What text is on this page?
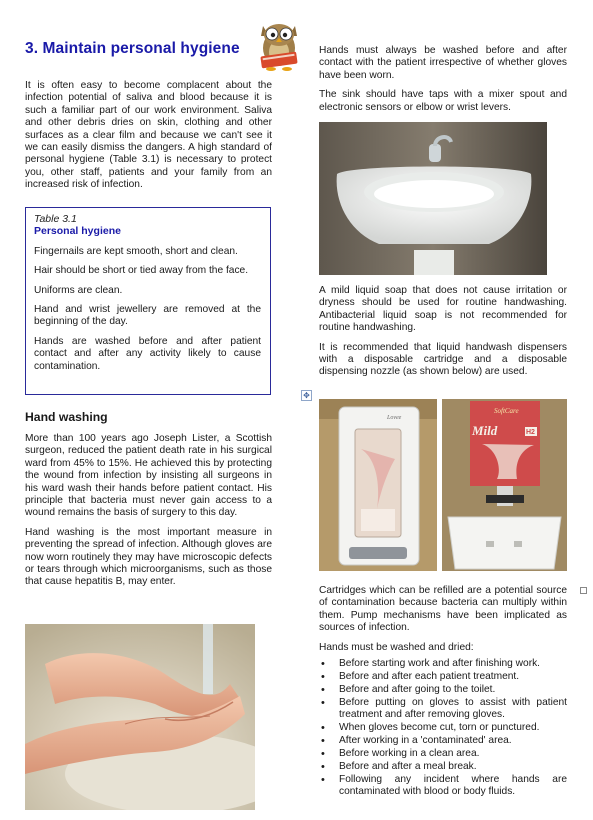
3. Maintain personal hygiene

It is often easy to become complacent about the infection potential of saliva and blood because it is such a familiar part of our work environment. Saliva and other debris dries on skin, clothing and other surfaces as a clear film and because we can't see it we can easily dismiss the dangers. A high standard of personal hygiene (Table 3.1) is necessary to protect you, other staff, patients and your family from an increased risk of infection.

Table 3.1
Personal hygiene

Fingernails are kept smooth, short and clean.

Hair should be short or tied away from the face.

Uniforms are clean.

Hand and wrist jewellery are removed at the beginning of the day.

Hands are washed before and after patient contact and after any activity likely to cause contamination.

Hand washing

More than 100 years ago Joseph Lister, a Scottish surgeon, reduced the patient death rate in his surgical ward from 45% to 15%. He achieved this by protecting the wound from infection by insisting all surgeons in his ward wash their hands before patient contact. His principle that bacteria must never gain access to a wound remains the basis of surgery to this day.

Hand washing is the most important measure in preventing the spread of infection. Although gloves are now worn routinely they may have microscopic defects or tears through which microorganisms, such as those that cause hepatitis B, may enter.

Hands must always be washed before and after contact with the patient irrespective of whether gloves have been worn.

The sink should have taps with a mixer spout and electronic sensors or elbow or wrist levers.

A mild liquid soap that does not cause irritation or dryness should be used for routine handwashing. Antibacterial liquid soap is not recommended for routine handwashing.

It is recommended that liquid handwash dispensers with a disposable cartridge and a disposable dispensing nozzle (as shown below) are used.

Lovee
SoftCare
Mild	H2

Cartridges which can be refilled are a potential source of contamination because bacteria can multiply within them. Pump mechanisms have been implicated as sources of infection.

Hands must be washed and dried:

• Before starting work and after finishing work.
• Before and after each patient treatment.
• Before and after going to the toilet.
• Before putting on gloves to assist with patient treatment and after removing gloves.
• When gloves become cut, torn or punctured.
• After working in a 'contaminated' area.
• Before working in a clean area.
• Before and after a meal break.
• Following any incident where hands are contaminated with blood or body fluids.
✥
